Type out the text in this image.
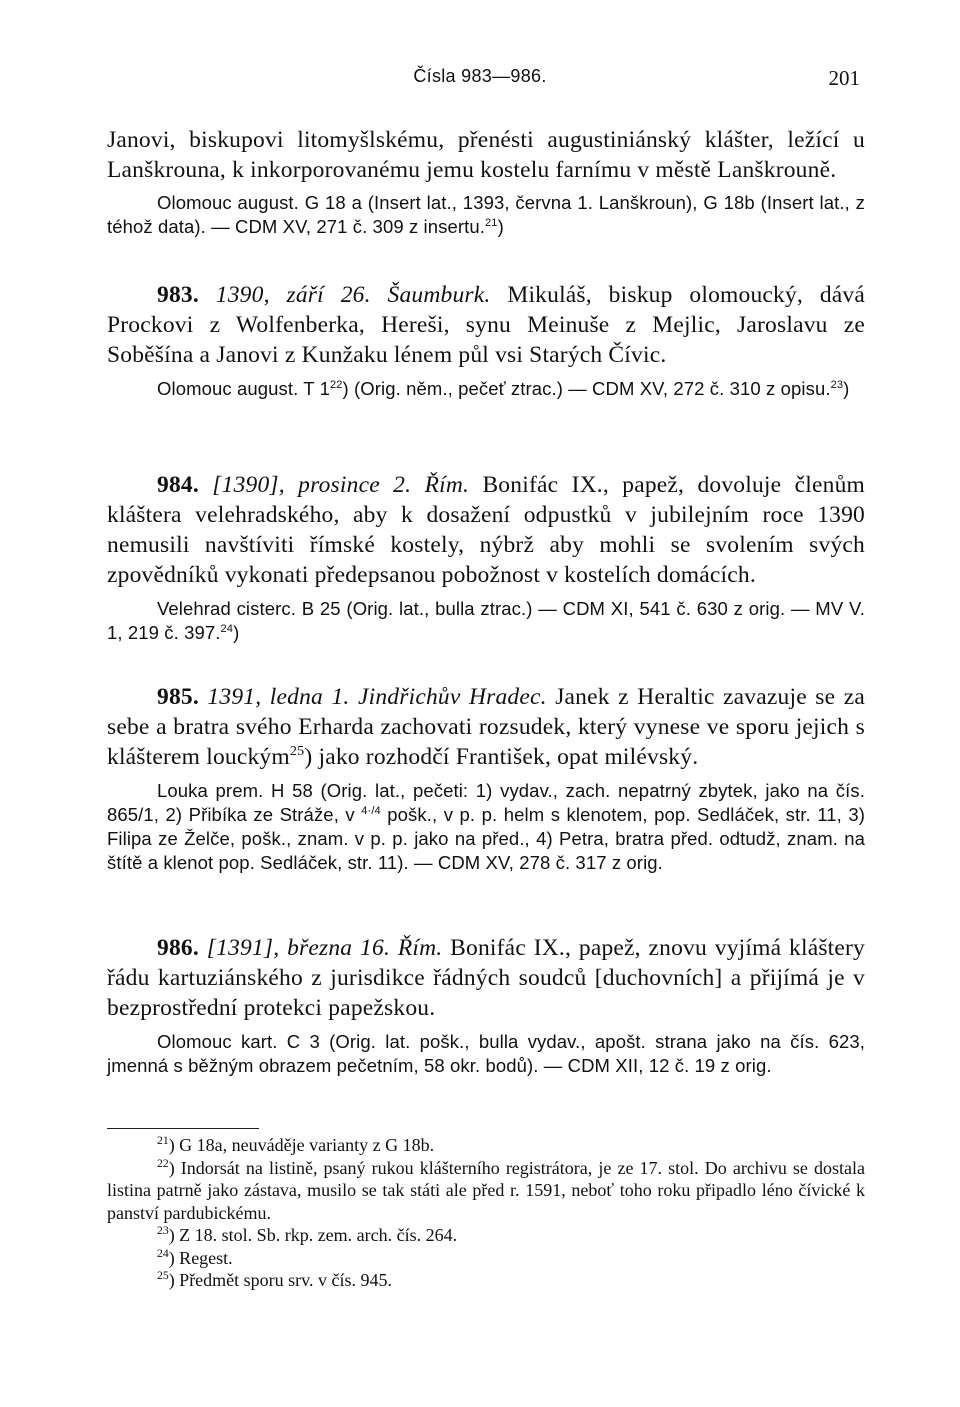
Čísla 983—986.	201
Janovi, biskupovi litomyšlskému, přenésti augustiniánský klášter, ležící u Lanškrouna, k inkorporovanému jemu kostelu farnímu v městě Lanškrouně.
Olomouc august. G 18 a (Insert lat., 1393, června 1. Lanškroun), G 18b (Insert lat., z téhož data). — CDM XV, 271 č. 309 z insertu.$^{21}$)
983. 1390, září 26. Šaumburk. Mikuláš, biskup olomoucký, dává Prockovi z Wolfenberka, Hereši, synu Meinuše z Mejlic, Jaroslavu ze Soběšína a Janovi z Kunžaku lénem půl vsi Starých Čívic.
Olomouc august. T $1^{22}$) (Orig. něm., pečeť ztrac.) — CDM XV, 272 č. 310 z opisu.$^{23}$)
984. [1390], prosince 2. Řím. Bonifác IX., papež, dovoluje členům kláštera velehradského, aby k dosažení odpustků v jubilejním roce 1390 nemusili navštíviti římské kostely, nýbrž aby mohli se svolením svých zpovědníků vykonati předepsanou pobožnost v kostelích domácích.
Velehrad cisterc. B 25 (Orig. lat., bulla ztrac.) — CDM XI, 541 č. 630 z orig. — MV V. 1, 219 č. 397.24)
985. 1391, ledna 1. Jindřichův Hradec. Janek z Heraltic zavazuje se za sebe a bratra svého Erharda zachovati rozsudek, který vynese ve sporu jejich s klášterem louckým$^{25}$) jako rozhodčí František, opat milévský.
Louka prem. H 58 (Orig. lat., pečeti: 1) vydav., zach. nepatrný zbytek, jako na čís. 865/1, 2) Přibíka ze Stráže, v $^{4\cdot/4}$ pošk., v p. p. helm s klenotem, pop. Sedláček, str. 11, 3) Filipa ze Želče, pošk., znam. v p. p. jako na před., 4) Petra, bratra před. odtudž, znam. na štítě a klenot pop. Sedláček, str. 11). — CDM XV, 278 č. 317 z orig.
986. [1391], března 16. Řím. Bonifác IX., papež, znovu vyjímá kláštery řádu kartuziánského z jurisdikce řádných soudců [duchovních] a přijímá je v bezprostřední protekci papežskou.
Olomouc kart. C 3 (Orig. lat. pošk., bulla vydav., apošt. strana jako na čís. 623, jmenná s běžným obrazem pečetním, 58 okr. bodů). — CDM XII, 12 č. 19 z orig.
$^{21}$) G 18a, neuváděje varianty z G 18b.
$^{22}$) Indorsát na listině, psaný rukou klášterního registrátora, je ze 17. stol. Do archivu se dostala listina patrně jako zástava, musilo se tak státi ale před r. 1591, neboť toho roku připadlo léno čívické k panství pardubickému.
$^{23}$) Z 18. stol. Sb. rkp. zem. arch. čís. 264.
$^{24}$) Regest.
$^{25}$) Předmět sporu srv. v čís. 945.
